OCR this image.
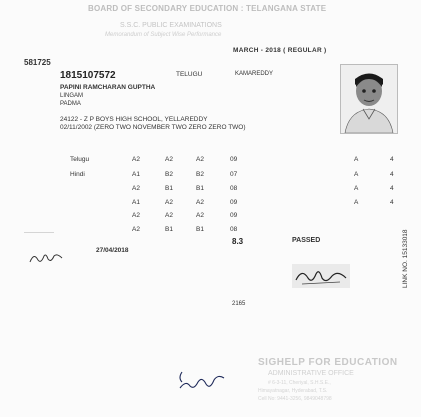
BOARD OF SECONDARY EDUCATION : TELANGANA STATE
S.S.C. PUBLIC EXAMINATIONS
Memorandum of Subject Wise Performance
MARCH - 2018 ( REGULAR )
581725
1815107572	TELUGU	KAMAREDDY
PAPINI RAMCHARAN GUPTHA
LINGAM
PADMA
24122 - Z P BOYS HIGH SCHOOL, YELLAREDDY
02/11/2002 (ZERO TWO NOVEMBER TWO ZERO ZERO TWO)
Telugu	A2	A2	A2	09	A	4
Hindi	A1	B2	B2	07	A	4
A2	B1	B1	08	A	4
A1	A2	A2	09	A	4
A2	A2	A2	09
A2	B1	B1	08
8.3	PASSED
27/04/2018
2165
LINK NO. 15133018
SIGHELP FOR EDUCATION
ADMINISTRATIVE OFFICE
# 6-3-11, Cheriyal, S.H.S.E.,
Himayatnagar, Hyderabad, T.S.
Cell No: 9441-3256, 9849048798
